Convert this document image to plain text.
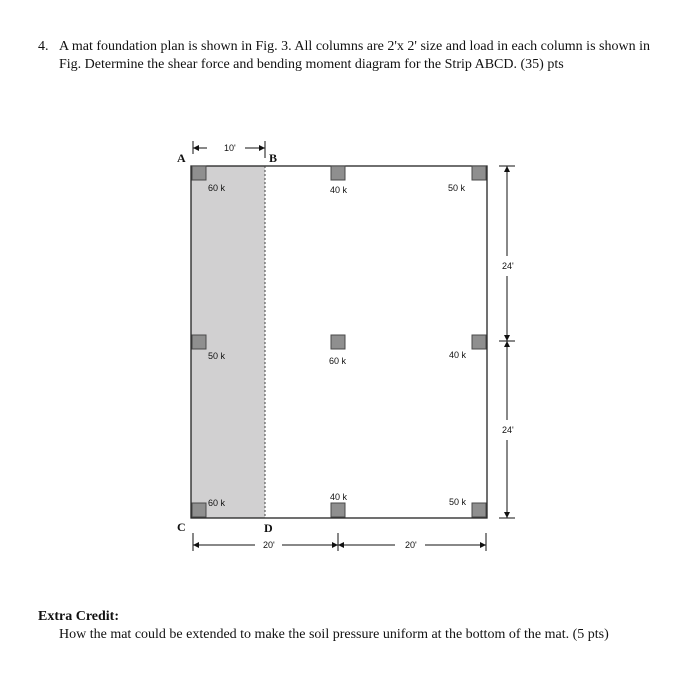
4. A mat foundation plan is shown in Fig. 3. All columns are 2'x 2' size and load in each column is shown in Fig. Determine the shear force and bending moment diagram for the Strip ABCD. (35) pts
60 k	40 k	50 k
50 k	60 k
40 k
60 k
40 k	50 k
A	B
C	D
10'
20'	20'
24'
24'
Extra Credit:
How the mat could be extended to make the soil pressure uniform at the bottom of the mat. (5 pts)
